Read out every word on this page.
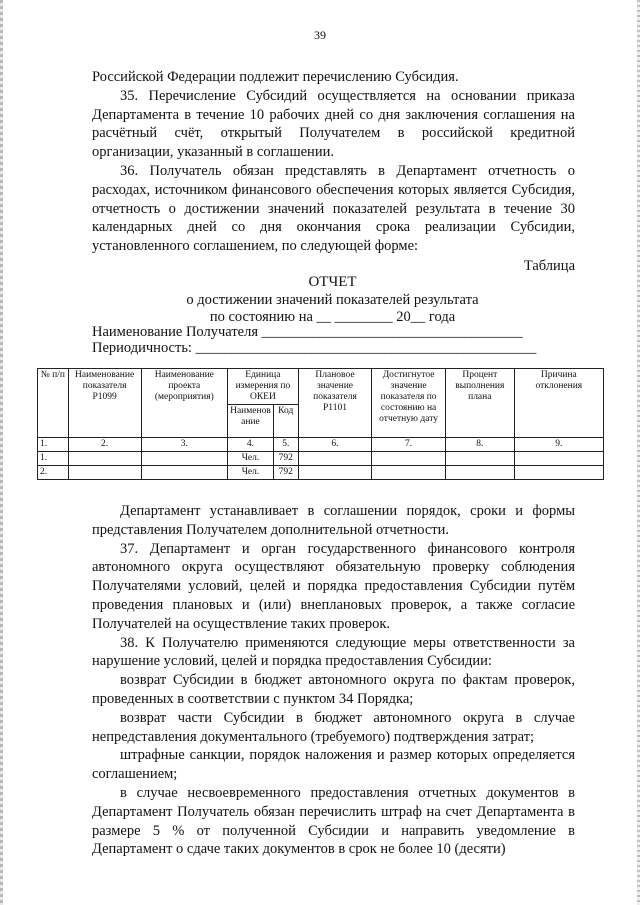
39

Российской Федерации подлежит перечислению Субсидия.

35. Перечисление Субсидий осуществляется на основании приказа Департамента в течение 10 рабочих дней со дня заключения соглашения на расчётный счёт, открытый Получателем в российской кредитной организации, указанный в соглашении.

36. Получатель обязан представлять в Департамент отчетность о расходах, источником финансового обеспечения которых является Субсидия, отчетность о достижении значений показателей результата в течение 30 календарных дней со дня окончания срока реализации Субсидии, установленного соглашением, по следующей форме:

Таблица
ОТЧЕТ
о достижении значений показателей результата
по состоянию на __ ________ 20__ года
Наименование Получателя ____________________________________
Периодичность: _______________________________________________
№ п/п	Наименование показателя Р1099	Наименование проекта (мероприятия)	Единица измерения по ОКЕИ		Плановое значение показателя Р1101	Достигнутое значение показателя по состоянию на отчетную дату	Процент выполнения плана	Причина отклонения
			Наименов ание	Код				
1.	2.	3.	4.	5.	6.	7.	8.	9.
1.			Чел.	792				
2.			Чел.	792				

Департамент устанавливает в соглашении порядок, сроки и формы представления Получателем дополнительной отчетности.

37. Департамент и орган государственного финансового контроля автономного округа осуществляют обязательную проверку соблюдения Получателями условий, целей и порядка предоставления Субсидии путём проведения плановых и (или) внеплановых проверок, а также согласие Получателей на осуществление таких проверок.

38. К Получателю применяются следующие меры ответственности за нарушение условий, целей и порядка предоставления Субсидии:

возврат Субсидии в бюджет автономного округа по фактам проверок, проведенных в соответствии с пунктом 34 Порядка;

возврат части Субсидии в бюджет автономного округа в случае непредставления документального (требуемого) подтверждения затрат;

штрафные санкции, порядок наложения и размер которых определяется соглашением;

в случае несвоевременного предоставления отчетных документов в Департамент Получатель обязан перечислить штраф на счет Департамента в размере 5 % от полученной Субсидии и направить уведомление в Департамент о сдаче таких документов в срок не более 10 (десяти)
